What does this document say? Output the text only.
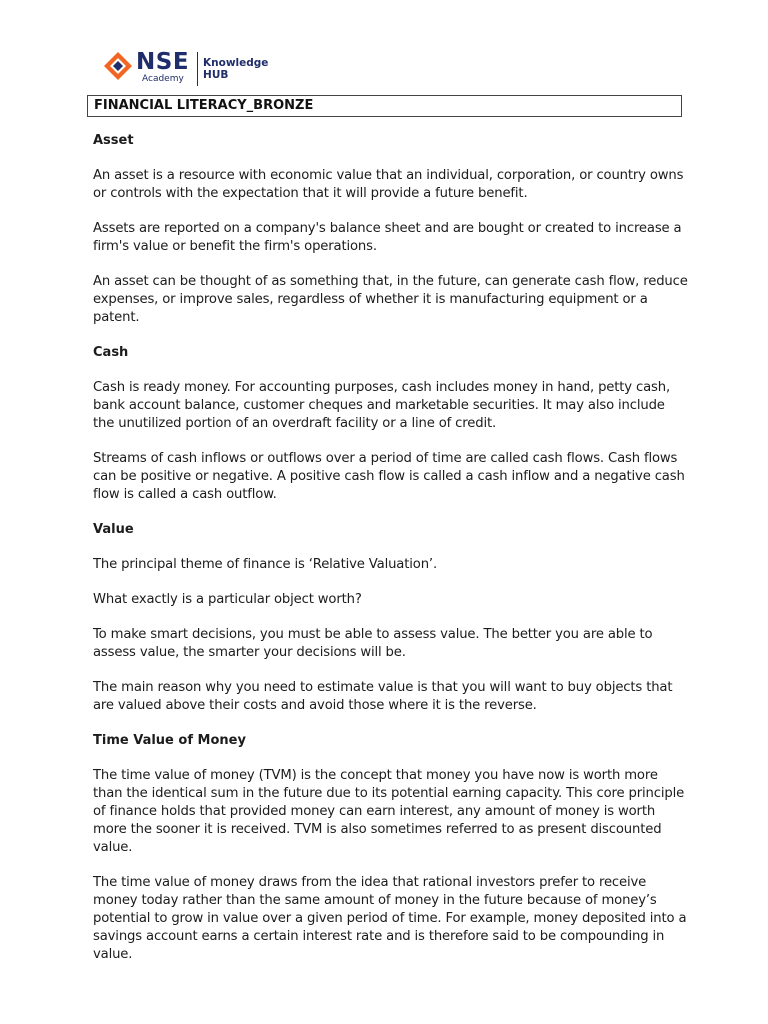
NSE
Academy
Knowledge
HUB
FINANCIAL LITERACY_BRONZE
Asset

An asset is a resource with economic value that an individual, corporation, or country owns or controls with the expectation that it will provide a future benefit.

Assets are reported on a company's balance sheet and are bought or created to increase a firm's value or benefit the firm's operations.

An asset can be thought of as something that, in the future, can generate cash flow, reduce expenses, or improve sales, regardless of whether it is manufacturing equipment or a patent.

Cash

Cash is ready money. For accounting purposes, cash includes money in hand, petty cash, bank account balance, customer cheques and marketable securities. It may also include the unutilized portion of an overdraft facility or a line of credit.

Streams of cash inflows or outflows over a period of time are called cash flows. Cash flows can be positive or negative. A positive cash flow is called a cash inflow and a negative cash flow is called a cash outflow.

Value

The principal theme of finance is ‘Relative Valuation’.

What exactly is a particular object worth?

To make smart decisions, you must be able to assess value. The better you are able to assess value, the smarter your decisions will be.

The main reason why you need to estimate value is that you will want to buy objects that are valued above their costs and avoid those where it is the reverse.

Time Value of Money

The time value of money (TVM) is the concept that money you have now is worth more than the identical sum in the future due to its potential earning capacity. This core principle of finance holds that provided money can earn interest, any amount of money is worth more the sooner it is received. TVM is also sometimes referred to as present discounted value.

The time value of money draws from the idea that rational investors prefer to receive money today rather than the same amount of money in the future because of money’s potential to grow in value over a given period of time. For example, money deposited into a savings account earns a certain interest rate and is therefore said to be compounding in value.
